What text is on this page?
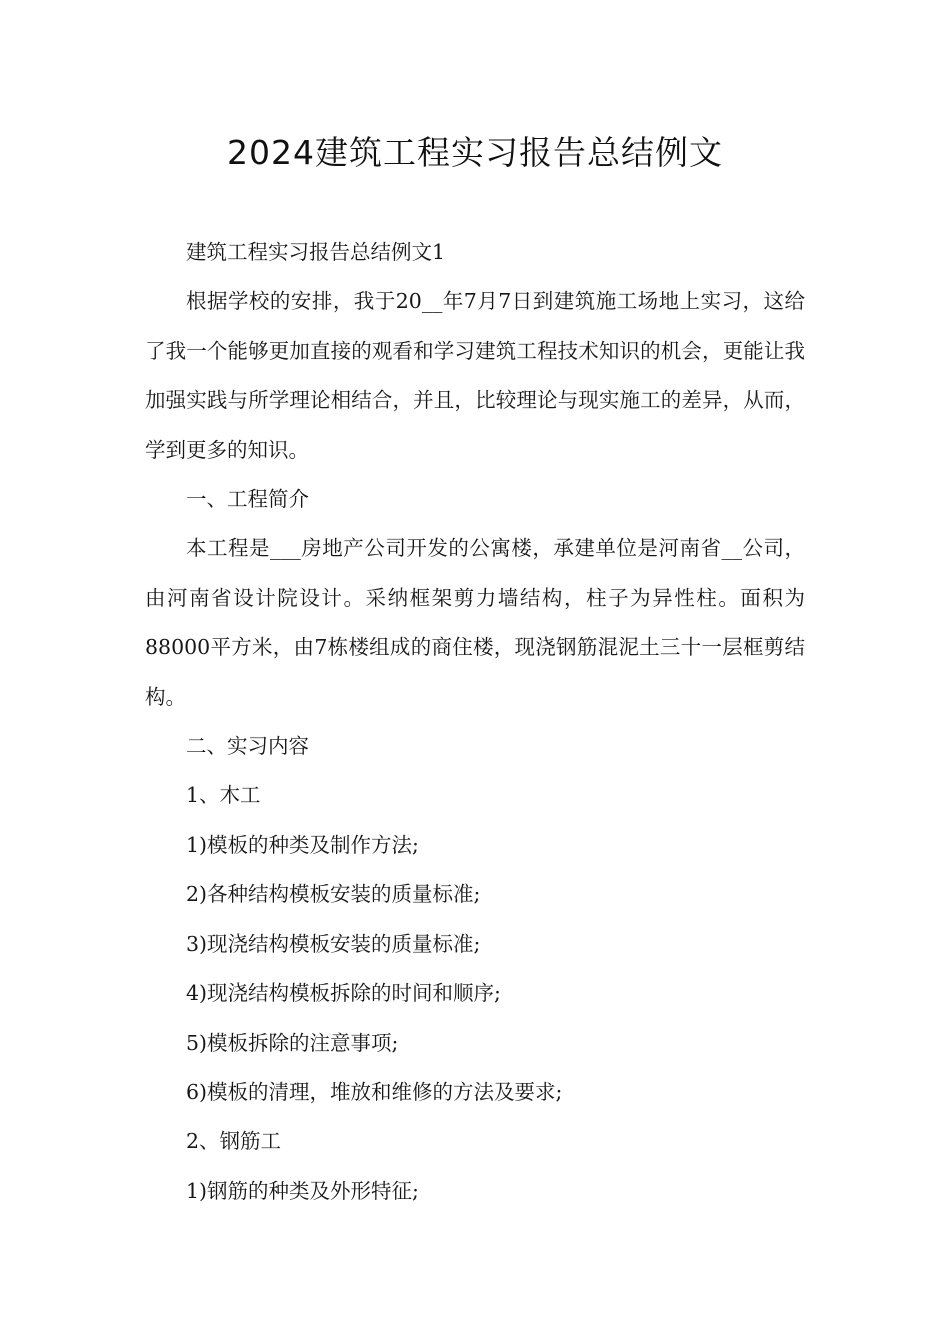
2024建筑工程实习报告总结例文

建筑工程实习报告总结例文1

根据学校的安排，我于20__年7月7日到建筑施工场地上实习，这给了我一个能够更加直接的观看和学习建筑工程技术知识的机会，更能让我加强实践与所学理论相结合，并且，比较理论与现实施工的差异，从而，学到更多的知识。

一、工程简介

本工程是___房地产公司开发的公寓楼，承建单位是河南省__公司，由河南省设计院设计。采纳框架剪力墙结构，柱子为异性柱。面积为88000平方米，由7栋楼组成的商住楼，现浇钢筋混泥土三十一层框剪结构。

二、实习内容

1、木工

1)模板的种类及制作方法;

2)各种结构模板安装的质量标准;

3)现浇结构模板安装的质量标准;

4)现浇结构模板拆除的时间和顺序;

5)模板拆除的注意事项;

6)模板的清理，堆放和维修的方法及要求;

2、钢筋工

1)钢筋的种类及外形特征;
